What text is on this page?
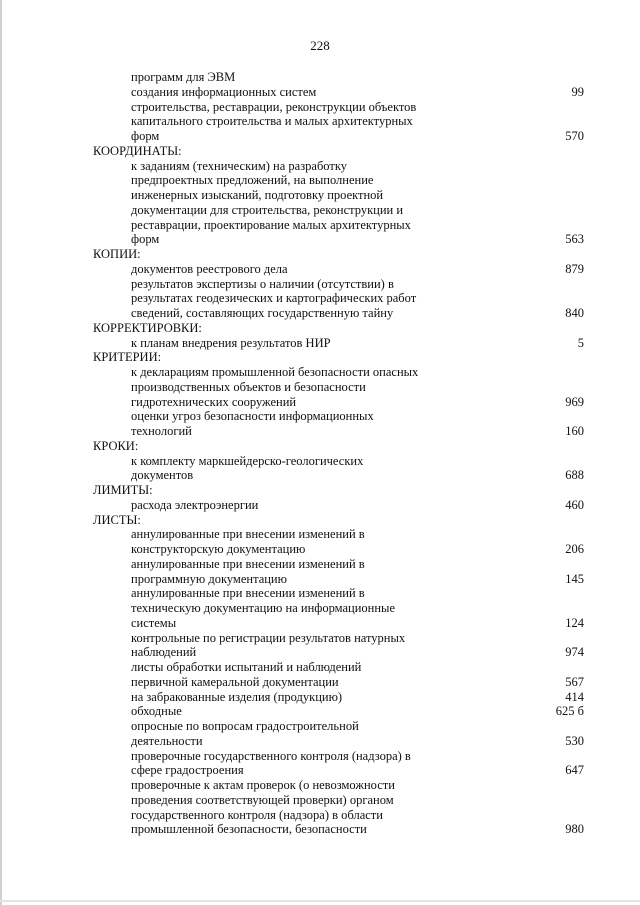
228
программ для ЭВМ
создания информационных систем	99
строительства, реставрации, реконструкции объектов
капитального строительства и малых архитектурных
форм	570
КООРДИНАТЫ:
к заданиям (техническим) на разработку
предпроектных предложений, на выполнение
инженерных изысканий, подготовку проектной
документации для строительства, реконструкции и
реставрации, проектирование малых архитектурных
форм	563
КОПИИ:
документов реестрового дела	879
результатов экспертизы о наличии (отсутствии) в
результатах геодезических и картографических работ
сведений, составляющих государственную тайну	840
КОРРЕКТИРОВКИ:
к планам внедрения результатов НИР	5
КРИТЕРИИ:
к декларациям промышленной безопасности опасных
производственных объектов и безопасности
гидротехнических сооружений	969
оценки угроз безопасности информационных
технологий	160
КРОКИ:
к комплекту маркшейдерско-геологических
документов	688
ЛИМИТЫ:
расхода электроэнергии	460
ЛИСТЫ:
аннулированные при внесении изменений в
конструкторскую документацию	206
аннулированные при внесении изменений в
программную документацию	145
аннулированные при внесении изменений в
техническую документацию на информационные
системы	124
контрольные по регистрации результатов натурных
наблюдений	974
листы обработки испытаний и наблюдений
первичной камеральной документации	567
на забракованные изделия (продукцию)	414
обходные	625 б
опросные по вопросам градостроительной
деятельности	530
проверочные государственного контроля (надзора) в
сфере градостроения	647
проверочные к актам проверок (о невозможности
проведения соответствующей проверки) органом
государственного контроля (надзора) в области
промышленной безопасности, безопасности	980
